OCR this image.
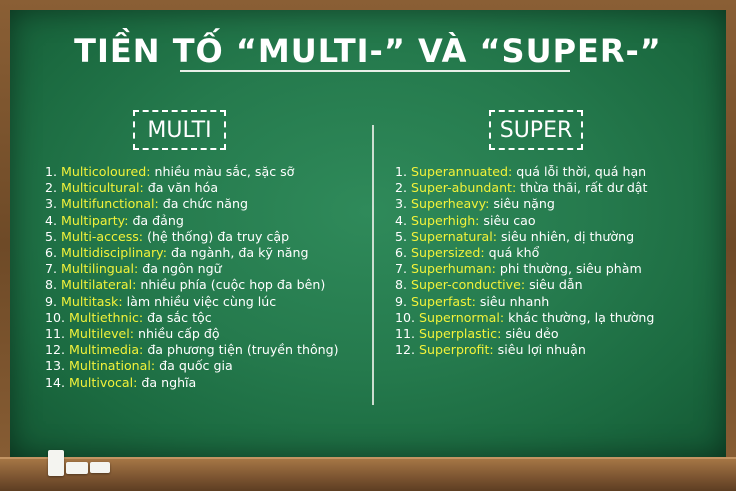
TIỀN TỐ “MULTI-” VÀ “SUPER-”
MULTI	SUPER
1. Multicoloured: nhiều màu sắc, sặc sỡ
2. Multicultural: đa văn hóa
3. Multifunctional: đa chức năng
4. Multiparty: đa đảng
5. Multi-access: (hệ thống) đa truy cập
6. Multidisciplinary: đa ngành, đa kỹ năng
7. Multilingual: đa ngôn ngữ
8. Multilateral: nhiều phía (cuộc họp đa bên)
9. Multitask: làm nhiều việc cùng lúc
10. Multiethnic: đa sắc tộc
11. Multilevel: nhiều cấp độ
12. Multimedia: đa phương tiện (truyền thông)
13. Multinational: đa quốc gia
14. Multivocal: đa nghĩa
1. Superannuated: quá lỗi thời, quá hạn
2. Super-abundant: thừa thãi, rất dư dật
3. Superheavy: siêu nặng
4. Superhigh: siêu cao
5. Supernatural: siêu nhiên, dị thường
6. Supersized: quá khổ
7. Superhuman: phi thường, siêu phàm
8. Super-conductive: siêu dẫn
9. Superfast: siêu nhanh
10. Supernormal: khác thường, lạ thường
11. Superplastic: siêu dẻo
12. Superprofit: siêu lợi nhuận
